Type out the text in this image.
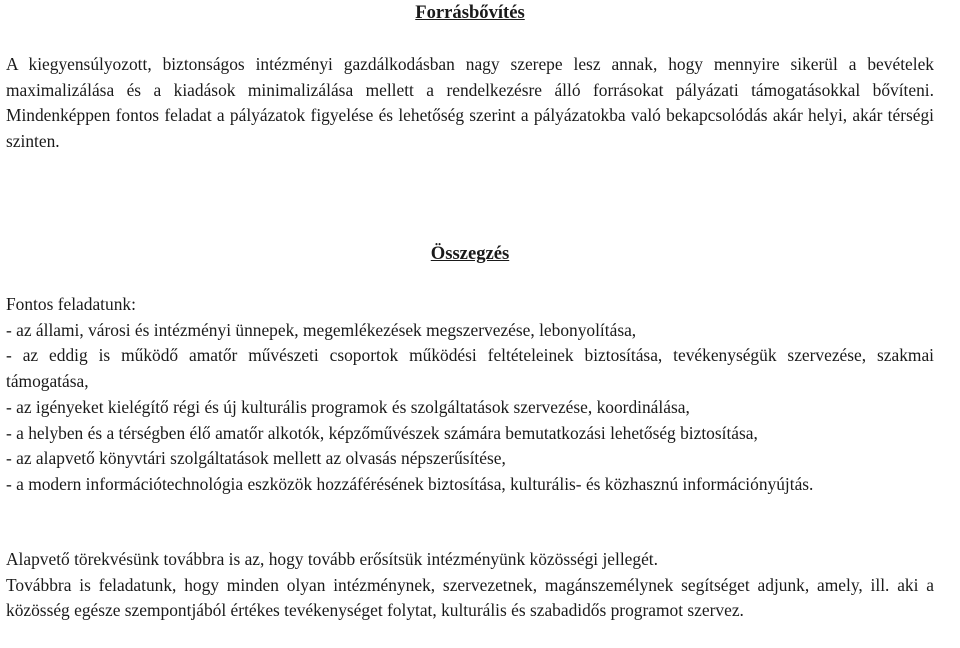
Forrásbővítés

A kiegyensúlyozott, biztonságos intézményi gazdálkodásban nagy szerepe lesz annak, hogy mennyire sikerül a bevételek maximalizálása és a kiadások minimalizálása mellett a rendelkezésre álló forrásokat pályázati támogatásokkal bővíteni. Mindenképpen fontos feladat a pályázatok figyelése és lehetőség szerint a pályázatokba való bekapcsolódás akár helyi, akár térségi szinten.

Összegzés

Fontos feladatunk:

- az állami, városi és intézményi ünnepek, megemlékezések megszervezése, lebonyolítása,

- az eddig is működő amatőr művészeti csoportok működési feltételeinek biztosítása, tevékenységük szervezése, szakmai támogatása,

- az igényeket kielégítő régi és új kulturális programok és szolgáltatások szervezése, koordinálása,

- a helyben és a térségben élő amatőr alkotók, képzőművészek számára bemutatkozási lehetőség biztosítása,

- az alapvető könyvtári szolgáltatások mellett az olvasás népszerűsítése,

- a modern információtechnológia eszközök hozzáférésének biztosítása, kulturális- és közhasznú információnyújtás.

Alapvető törekvésünk továbbra is az, hogy tovább erősítsük intézményünk közösségi jellegét.

Továbbra is feladatunk, hogy minden olyan intézménynek, szervezetnek, magánszemélynek segítséget adjunk, amely, ill. aki a közösség egésze szempontjából értékes tevékenységet folytat, kulturális és szabadidős programot szervez.
